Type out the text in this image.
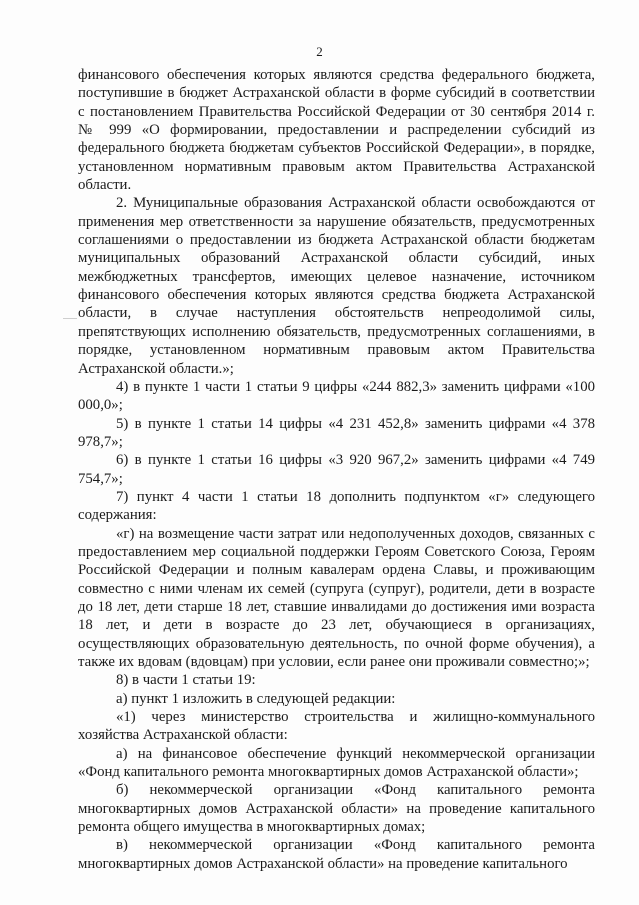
2

финансового обеспечения которых являются средства федерального бюджета, поступившие в бюджет Астраханской области в форме субсидий в соответствии с постановлением Правительства Российской Федерации от 30 сентября 2014 г. № 999 «О формировании, предоставлении и распределении субсидий из федерального бюджета бюджетам субъектов Российской Федерации», в порядке, установленном нормативным правовым актом Правительства Астраханской области.

2. Муниципальные образования Астраханской области освобождаются от применения мер ответственности за нарушение обязательств, предусмотренных соглашениями о предоставлении из бюджета Астраханской области бюджетам муниципальных образований Астраханской области субсидий, иных межбюджетных трансфертов, имеющих целевое назначение, источником финансового обеспечения которых являются средства бюджета Астраханской области, в случае наступления обстоятельств непреодолимой силы, препятствующих исполнению обязательств, предусмотренных соглашениями, в порядке, установленном нормативным правовым актом Правительства Астраханской области.»;

4) в пункте 1 части 1 статьи 9 цифры «244 882,3» заменить цифрами «100 000,0»;

5) в пункте 1 статьи 14 цифры «4 231 452,8» заменить цифрами «4 378 978,7»;

6) в пункте 1 статьи 16 цифры «3 920 967,2» заменить цифрами «4 749 754,7»;

7) пункт 4 части 1 статьи 18 дополнить подпунктом «г» следующего содержания:

«г) на возмещение части затрат или недополученных доходов, связанных с предоставлением мер социальной поддержки Героям Советского Союза, Героям Российской Федерации и полным кавалерам ордена Славы, и проживающим совместно с ними членам их семей (супруга (супруг), родители, дети в возрасте до 18 лет, дети старше 18 лет, ставшие инвалидами до достижения ими возраста 18 лет, и дети в возрасте до 23 лет, обучающиеся в организациях, осуществляющих образовательную деятельность, по очной форме обучения), а также их вдовам (вдовцам) при условии, если ранее они проживали совместно;»;

8) в части 1 статьи 19:

а) пункт 1 изложить в следующей редакции:

«1) через министерство строительства и жилищно-коммунального хозяйства Астраханской области:

а) на финансовое обеспечение функций некоммерческой организации «Фонд капитального ремонта многоквартирных домов Астраханской области»;

б) некоммерческой организации «Фонд капитального ремонта многоквартирных домов Астраханской области» на проведение капитального ремонта общего имущества в многоквартирных домах;

в) некоммерческой организации «Фонд капитального ремонта многоквартирных домов Астраханской области» на проведение капитального
